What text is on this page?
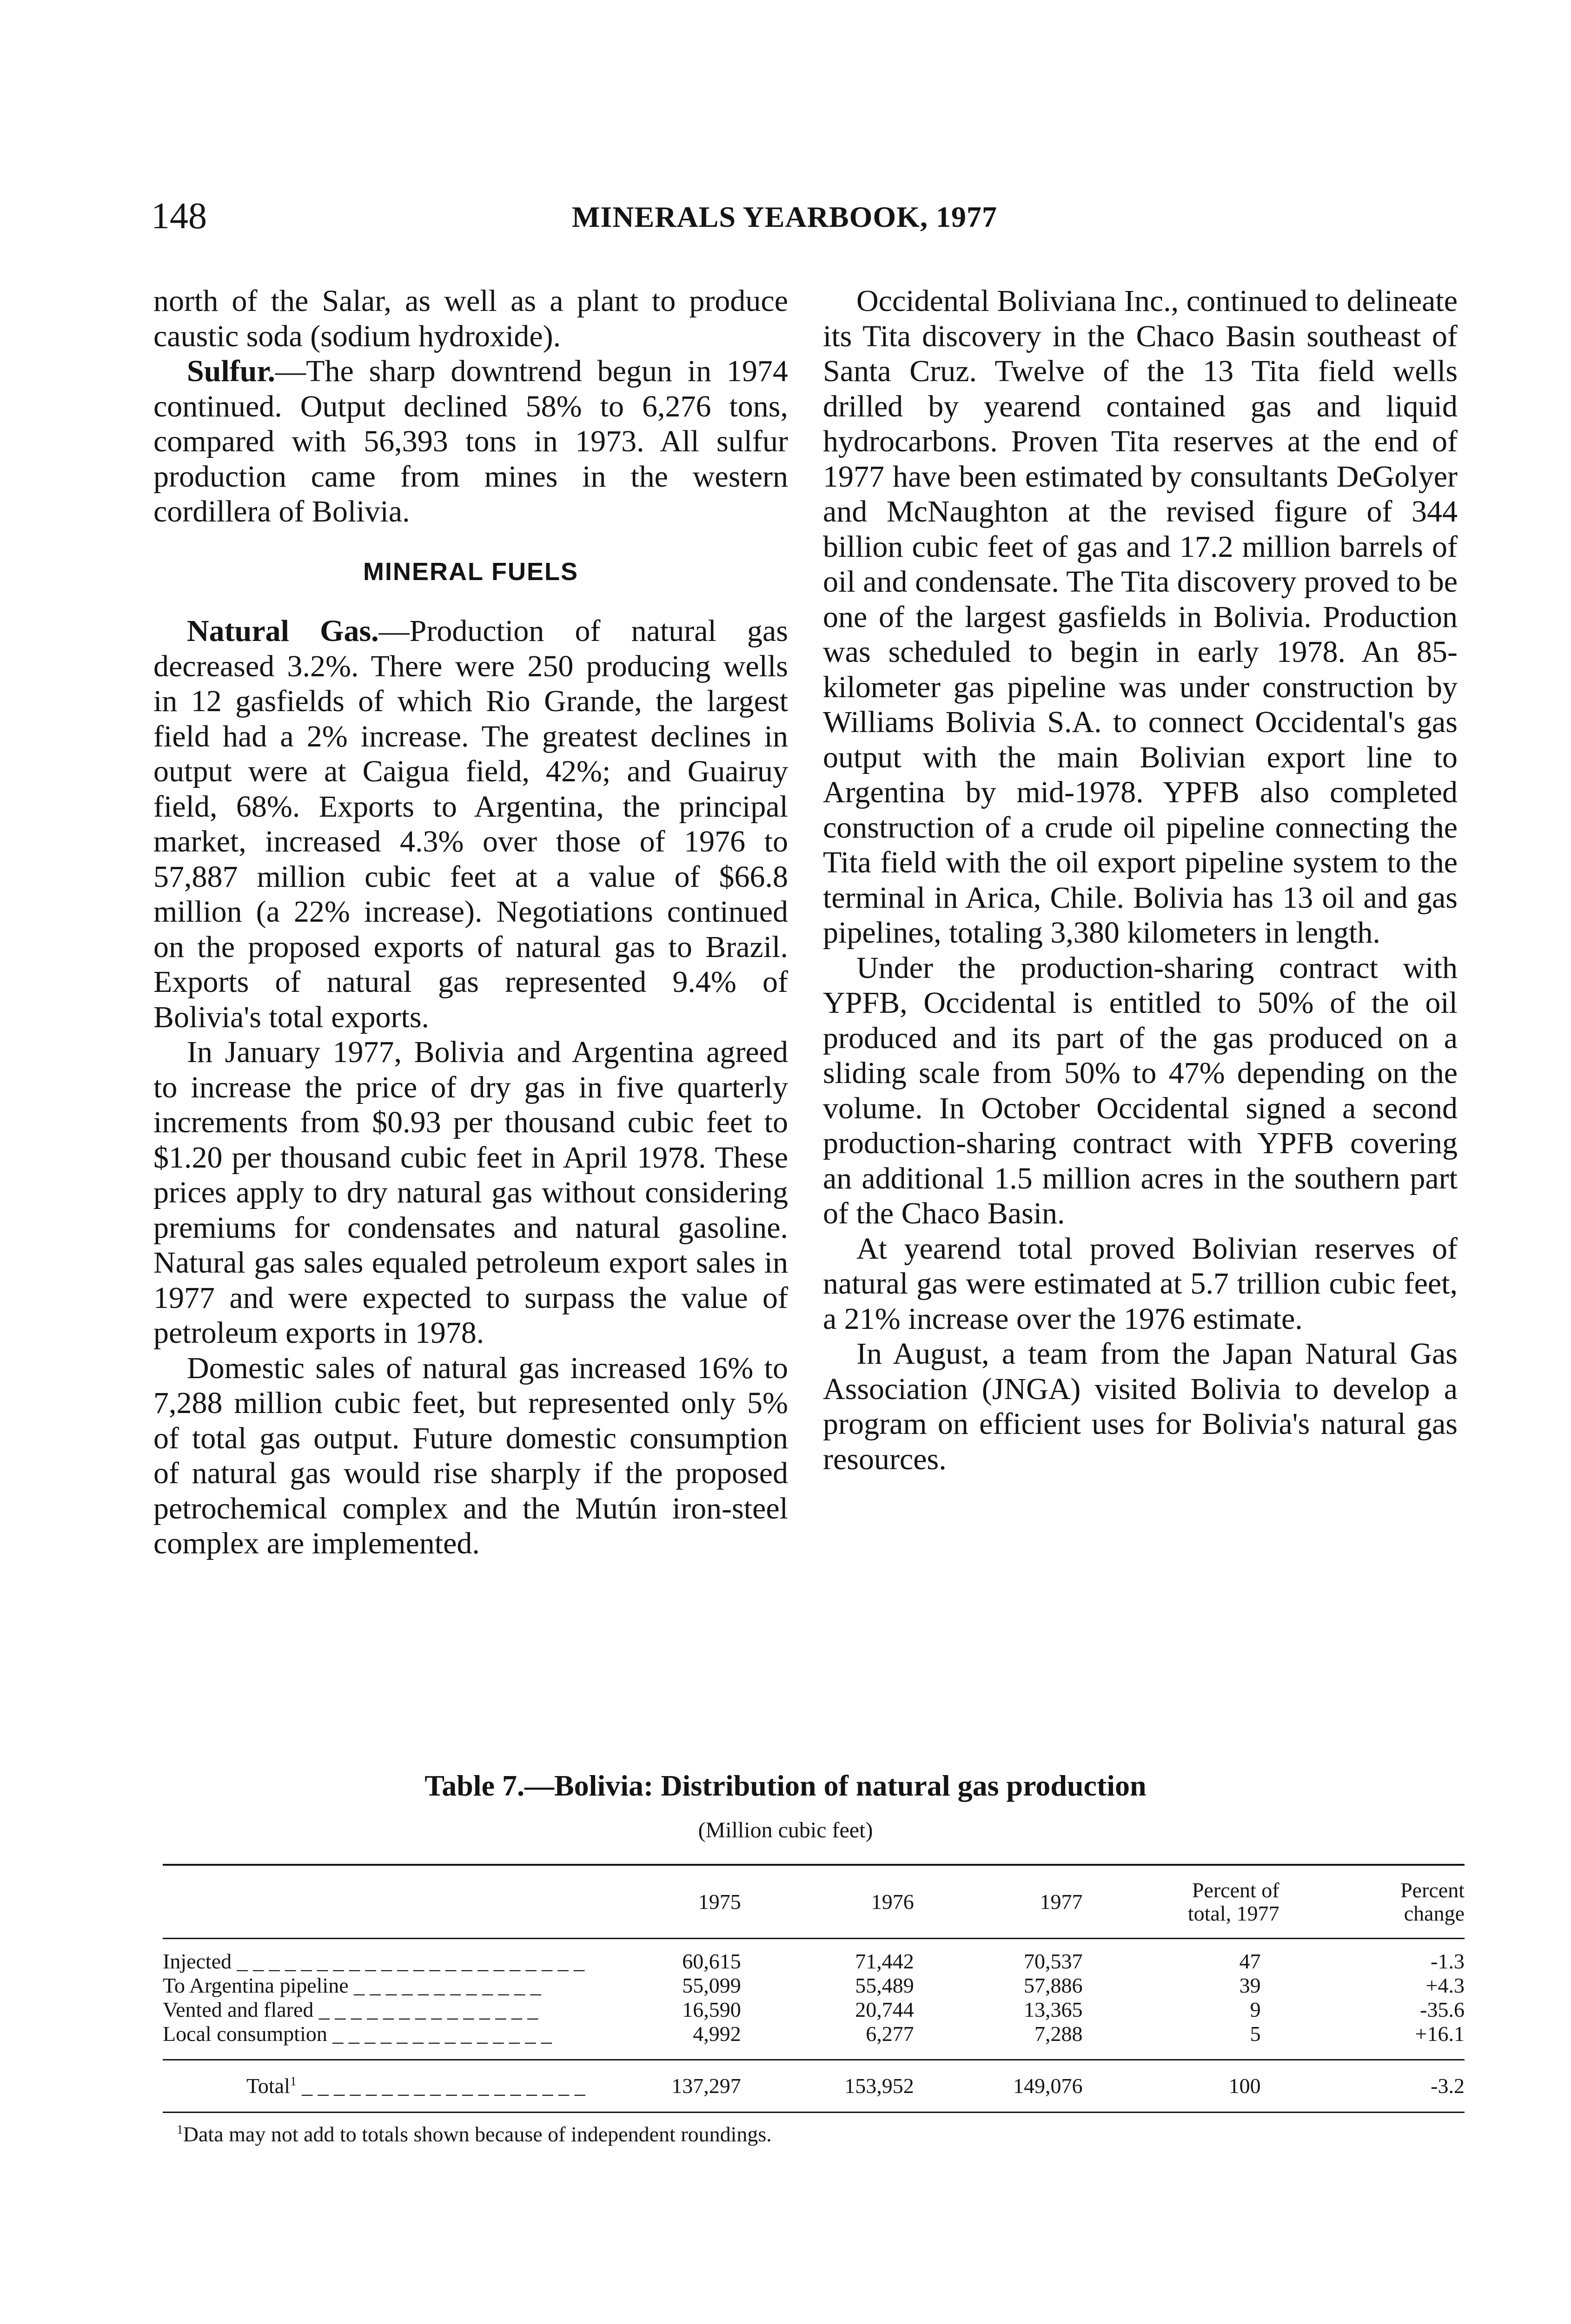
148	MINERALS YEARBOOK, 1977

north of the Salar, as well as a plant to produce caustic soda (sodium hydroxide).

Sulfur.—The sharp downtrend begun in 1974 continued. Output declined 58% to 6,276 tons, compared with 56,393 tons in 1973. All sulfur production came from mines in the western cordillera of Bolivia.

MINERAL FUELS

Natural Gas.—Production of natural gas decreased 3.2%. There were 250 producing wells in 12 gasfields of which Rio Grande, the largest field had a 2% increase. The greatest declines in output were at Caigua field, 42%; and Guairuy field, 68%. Exports to Argentina, the principal market, increased 4.3% over those of 1976 to 57,887 million cubic feet at a value of $66.8 million (a 22% increase). Negotiations continued on the proposed exports of natural gas to Brazil. Exports of natural gas represented 9.4% of Bolivia's total exports.

In January 1977, Bolivia and Argentina agreed to increase the price of dry gas in five quarterly increments from $0.93 per thousand cubic feet to $1.20 per thousand cubic feet in April 1978. These prices apply to dry natural gas without considering premiums for condensates and natural gasoline. Natural gas sales equaled petroleum export sales in 1977 and were expected to surpass the value of petroleum exports in 1978.

Domestic sales of natural gas increased 16% to 7,288 million cubic feet, but represented only 5% of total gas output. Future domestic consumption of natural gas would rise sharply if the proposed petrochemical complex and the Mutún iron-steel complex are implemented.

Occidental Boliviana Inc., continued to delineate its Tita discovery in the Chaco Basin southeast of Santa Cruz. Twelve of the 13 Tita field wells drilled by yearend contained gas and liquid hydrocarbons. Proven Tita reserves at the end of 1977 have been estimated by consultants DeGolyer and McNaughton at the revised figure of 344 billion cubic feet of gas and 17.2 million barrels of oil and condensate. The Tita discovery proved to be one of the largest gasfields in Bolivia. Production was scheduled to begin in early 1978. An 85-kilometer gas pipeline was under construction by Williams Bolivia S.A. to connect Occidental's gas output with the main Bolivian export line to Argentina by mid-1978. YPFB also completed construction of a crude oil pipeline connecting the Tita field with the oil export pipeline system to the terminal in Arica, Chile. Bolivia has 13 oil and gas pipelines, totaling 3,380 kilometers in length.

Under the production-sharing contract with YPFB, Occidental is entitled to 50% of the oil produced and its part of the gas produced on a sliding scale from 50% to 47% depending on the volume. In October Occidental signed a second production-sharing contract with YPFB covering an additional 1.5 million acres in the southern part of the Chaco Basin.

At yearend total proved Bolivian reserves of natural gas were estimated at 5.7 trillion cubic feet, a 21% increase over the 1976 estimate.

In August, a team from the Japan Natural Gas Association (JNGA) visited Bolivia to develop a program on efficient uses for Bolivia's natural gas resources.

Table 7.—Bolivia: Distribution of natural gas production
(Million cubic feet)
	1975	1976	1977	Percent of total, 1977	Percent change
Injected _ _ _ _ _ _ _ _ _ _ _ _ _ _ _ _ _ _ _ _ _ _	60,615	71,442	70,537	47	-1.3
To Argentina pipeline _ _ _ _ _ _ _ _ _ _ _ _	55,099	55,489	57,886	39	+4.3
Vented and flared _ _ _ _ _ _ _ _ _ _ _ _ _ _	16,590	20,744	13,365	9	-35.6
Local consumption _ _ _ _ _ _ _ _ _ _ _ _ _ _	4,992	6,277	7,288	5	+16.1
Total$^1$ _ _ _ _ _ _ _ _ _ _ _ _ _ _ _ _ _ _	137,297	153,952	149,076	100	-3.2
$^1$Data may not add to totals shown because of independent roundings.
